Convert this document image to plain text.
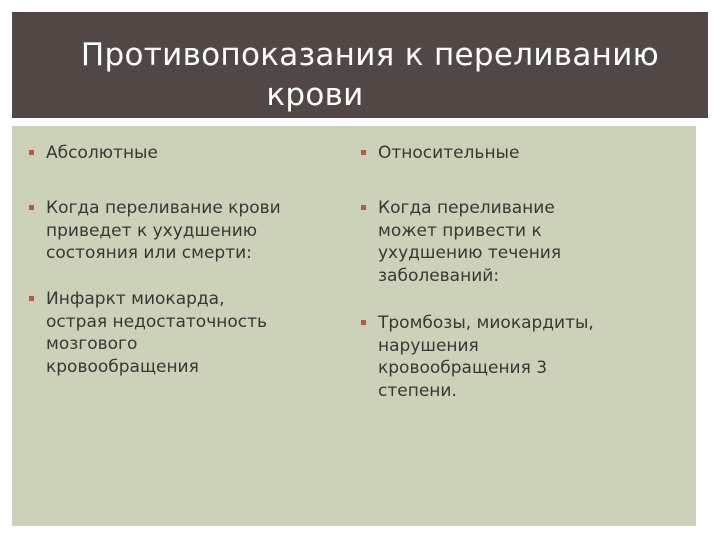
Противопоказания к переливанию
крови
Абсолютные
Когда переливание крови
приведет к ухудшению
состояния или смерти:
Инфаркт миокарда,
острая недостаточность
мозгового
кровообращения
Относительные
Когда переливание
может привести к
ухудшению течения
заболеваний:
Тромбозы, миокардиты,
нарушения
кровообращения 3
степени.
